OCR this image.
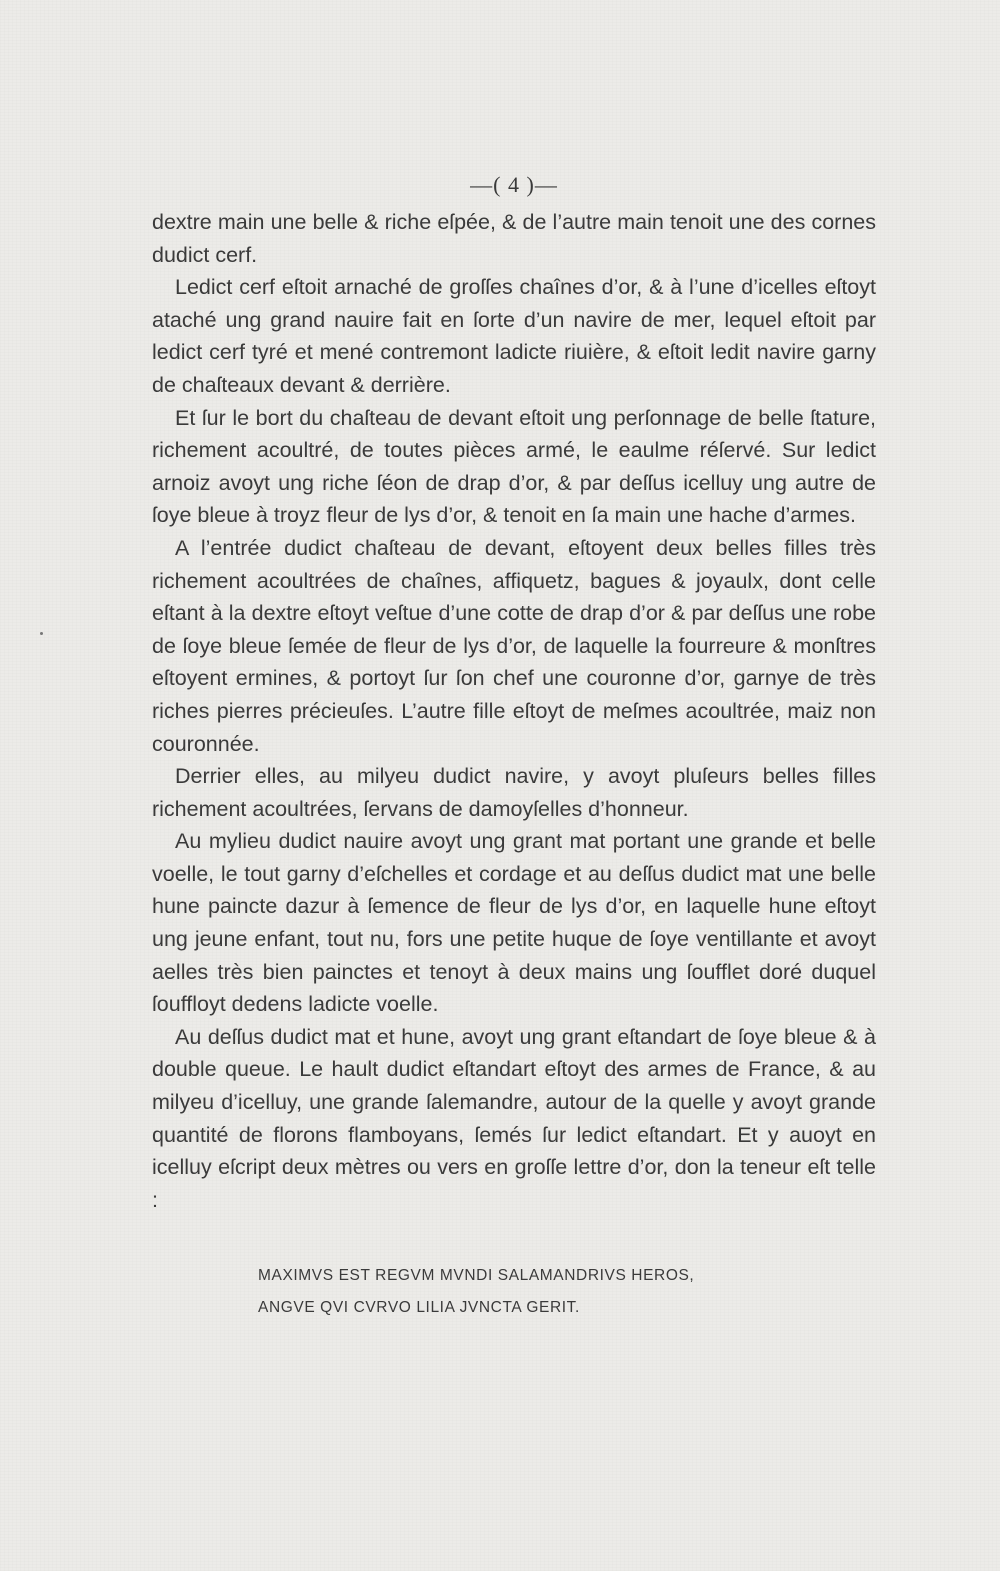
—( 4 )—

dextre main une belle & riche eſpée, & de l’autre main tenoit une des cornes dudict cerf.

Ledict cerf eſtoit arnaché de groſſes chaînes d’or, & à l’une d’icelles eſtoyt ataché ung grand nauire fait en ſorte d’un navire de mer, lequel eſtoit par ledict cerf tyré et mené contremont ladicte riuière, & eſtoit ledit navire garny de chaſteaux devant & derrière.

Et ſur le bort du chaſteau de devant eſtoit ung perſonnage de belle ſtature, richement acoultré, de toutes pièces armé, le eaulme réſervé. Sur ledict arnoiz avoyt ung riche ſéon de drap d’or, & par deſſus icelluy ung autre de ſoye bleue à troyz fleur de lys d’or, & tenoit en ſa main une hache d’armes.

A l’entrée dudict chaſteau de devant, eſtoyent deux belles filles très richement acoultrées de chaînes, affiquetz, bagues & joyaulx, dont celle eſtant à la dextre eſtoyt veſtue d’une cotte de drap d’or & par deſſus une robe de ſoye bleue ſemée de fleur de lys d’or, de laquelle la fourreure & monſtres eſtoyent ermines, & portoyt ſur ſon chef une couronne d’or, garnye de très riches pierres précieuſes. L’autre fille eſtoyt de meſmes acoultrée, maiz non couronnée.

Derrier elles, au milyeu dudict navire, y avoyt pluſeurs belles filles richement acoultrées, ſervans de damoyſelles d’honneur.

Au mylieu dudict nauire avoyt ung grant mat portant une grande et belle voelle, le tout garny d’eſchelles et cordage et au deſſus dudict mat une belle hune paincte dazur à ſemence de fleur de lys d’or, en laquelle hune eſtoyt ung jeune enfant, tout nu, fors une petite huque de ſoye ventillante et avoyt aelles très bien painctes et tenoyt à deux mains ung ſoufflet doré duquel ſouffloyt dedens ladicte voelle.

Au deſſus dudict mat et hune, avoyt ung grant eſtandart de ſoye bleue & à double queue. Le hault dudict eſtandart eſtoyt des armes de France, & au milyeu d’icelluy, une grande ſalemandre, autour de la quelle y avoyt grande quantité de florons flamboyans, ſemés ſur ledict eſtandart. Et y auoyt en icelluy eſcript deux mètres ou vers en groſſe lettre d’or, don la teneur eſt telle :

MAXIMVS EST REGVM MVNDI SALAMANDRIVS HEROS,

ANGVE QVI CVRVO LILIA JVNCTA GERIT.
